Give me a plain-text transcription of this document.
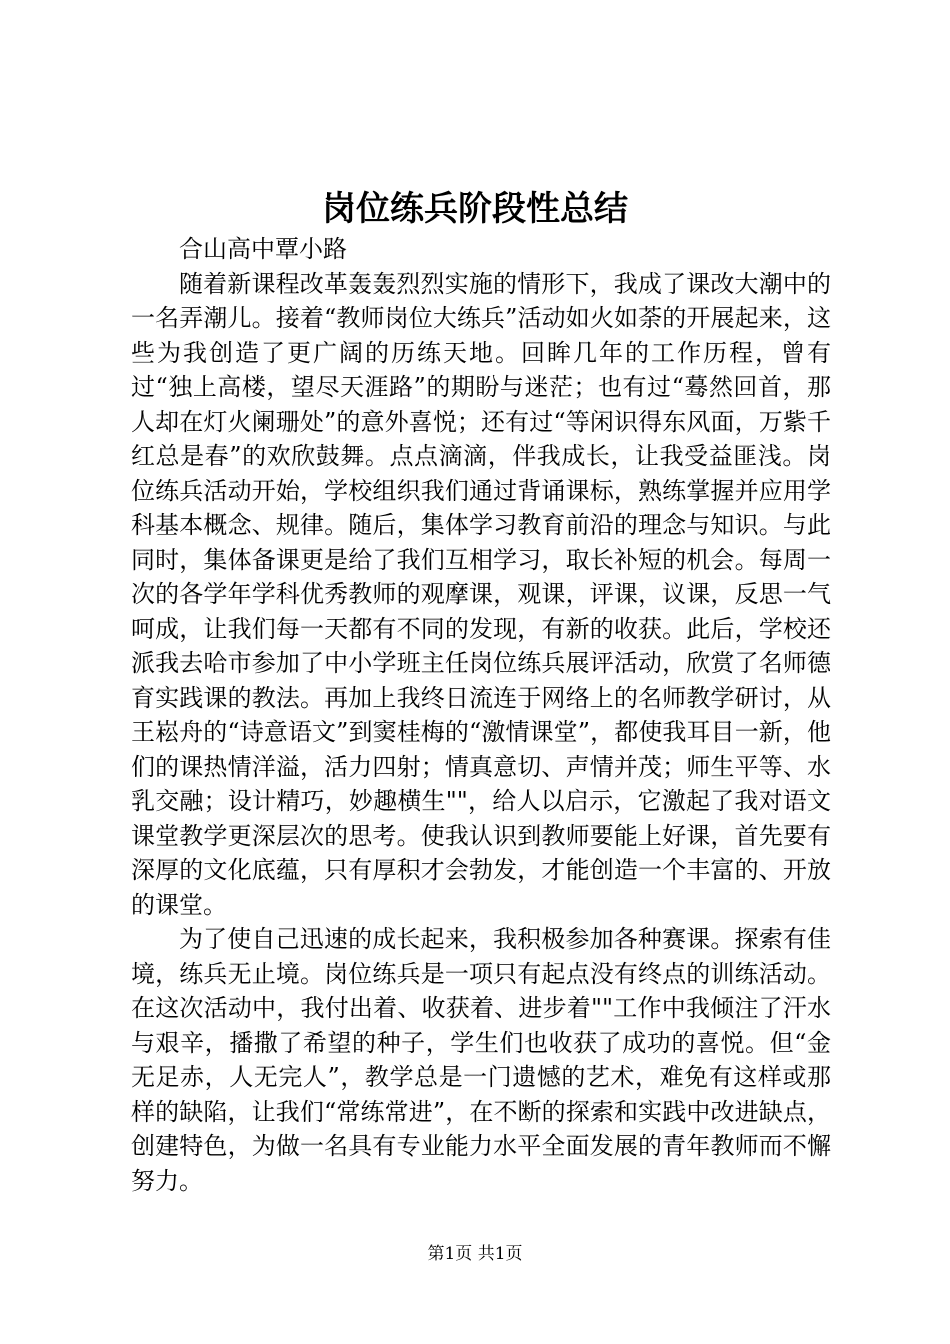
岗位练兵阶段性总结

合山高中覃小路

随着新课程改革轰轰烈烈实施的情形下，我成了课改大潮中的一名弄潮儿。接着“教师岗位大练兵”活动如火如荼的开展起来，这些为我创造了更广阔的历练天地。回眸几年的工作历程，曾有过“独上高楼，望尽天涯路”的期盼与迷茫；也有过“蓦然回首，那人却在灯火阑珊处”的意外喜悦；还有过“等闲识得东风面，万紫千红总是春”的欢欣鼓舞。点点滴滴，伴我成长，让我受益匪浅。岗位练兵活动开始，学校组织我们通过背诵课标，熟练掌握并应用学科基本概念、规律。随后，集体学习教育前沿的理念与知识。与此同时，集体备课更是给了我们互相学习，取长补短的机会。每周一次的各学年学科优秀教师的观摩课，观课，评课，议课，反思一气呵成，让我们每一天都有不同的发现，有新的收获。此后，学校还派我去哈市参加了中小学班主任岗位练兵展评活动，欣赏了名师德育实践课的教法。再加上我终日流连于网络上的名师教学研讨，从王崧舟的“诗意语文”到窦桂梅的“激情课堂”，都使我耳目一新，他们的课热情洋溢，活力四射；情真意切、声情并茂；师生平等、水乳交融；设计精巧，妙趣横生""，给人以启示，它激起了我对语文课堂教学更深层次的思考。使我认识到教师要能上好课，首先要有深厚的文化底蕴，只有厚积才会勃发，才能创造一个丰富的、开放的课堂。

为了使自己迅速的成长起来，我积极参加各种赛课。探索有佳境，练兵无止境。岗位练兵是一项只有起点没有终点的训练活动。在这次活动中，我付出着、收获着、进步着""工作中我倾注了汗水与艰辛，播撒了希望的种子，学生们也收获了成功的喜悦。但“金无足赤，人无完人”，教学总是一门遗憾的艺术，难免有这样或那样的缺陷，让我们“常练常进”，在不断的探索和实践中改进缺点，创建特色，为做一名具有专业能力水平全面发展的青年教师而不懈努力。

第1页 共1页
